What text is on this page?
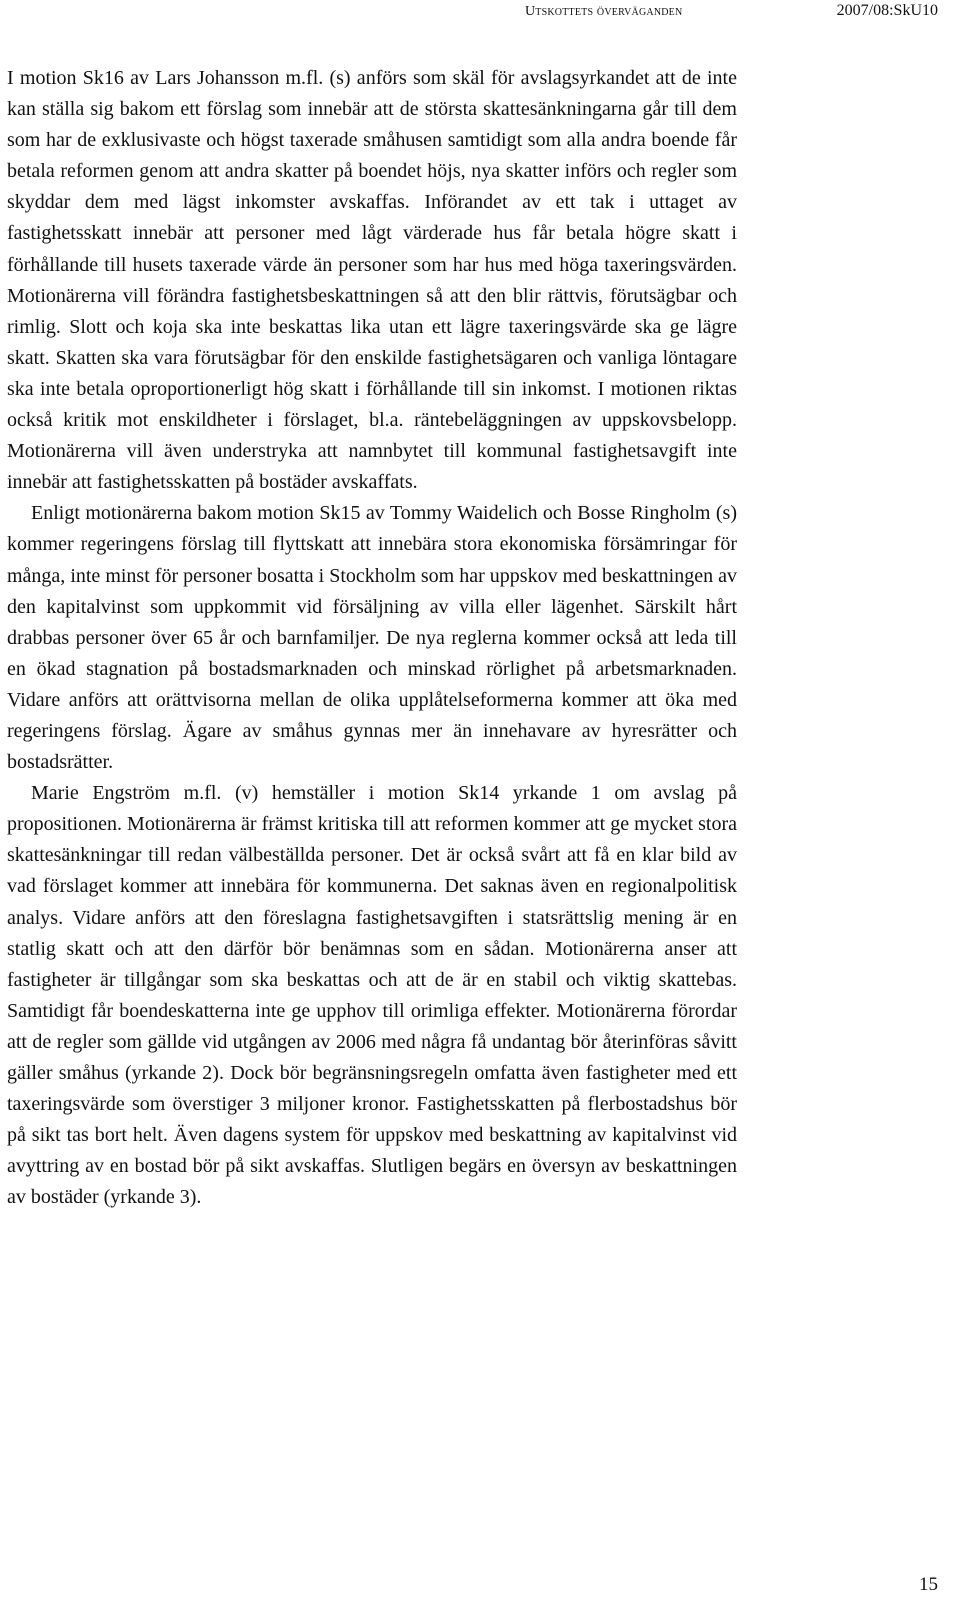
Utskottets överväganden	2007/08:SkU10

I motion Sk16 av Lars Johansson m.fl. (s) anförs som skäl för avslagsyrkandet att de inte kan ställa sig bakom ett förslag som innebär att de största skattesänkningarna går till dem som har de exklusivaste och högst taxerade småhusen samtidigt som alla andra boende får betala reformen genom att andra skatter på boendet höjs, nya skatter införs och regler som skyddar dem med lägst inkomster avskaffas. Införandet av ett tak i uttaget av fastighetsskatt innebär att personer med lågt värderade hus får betala högre skatt i förhållande till husets taxerade värde än personer som har hus med höga taxeringsvärden. Motionärerna vill förändra fastighetsbeskattningen så att den blir rättvis, förutsägbar och rimlig. Slott och koja ska inte beskattas lika utan ett lägre taxeringsvärde ska ge lägre skatt. Skatten ska vara förutsägbar för den enskilde fastighetsägaren och vanliga löntagare ska inte betala oproportionerligt hög skatt i förhållande till sin inkomst. I motionen riktas också kritik mot enskildheter i förslaget, bl.a. räntebeläggningen av uppskovsbelopp. Motionärerna vill även understryka att namnbytet till kommunal fastighetsavgift inte innebär att fastighetsskatten på bostäder avskaffats.

Enligt motionärerna bakom motion Sk15 av Tommy Waidelich och Bosse Ringholm (s) kommer regeringens förslag till flyttskatt att innebära stora ekonomiska försämringar för många, inte minst för personer bosatta i Stockholm som har uppskov med beskattningen av den kapitalvinst som uppkommit vid försäljning av villa eller lägenhet. Särskilt hårt drabbas personer över 65 år och barnfamiljer. De nya reglerna kommer också att leda till en ökad stagnation på bostadsmarknaden och minskad rörlighet på arbetsmarknaden. Vidare anförs att orättvisorna mellan de olika upplåtelseformerna kommer att öka med regeringens förslag. Ägare av småhus gynnas mer än innehavare av hyresrätter och bostadsrätter.

Marie Engström m.fl. (v) hemställer i motion Sk14 yrkande 1 om avslag på propositionen. Motionärerna är främst kritiska till att reformen kommer att ge mycket stora skattesänkningar till redan välbeställda personer. Det är också svårt att få en klar bild av vad förslaget kommer att innebära för kommunerna. Det saknas även en regionalpolitisk analys. Vidare anförs att den föreslagna fastighetsavgiften i statsrättslig mening är en statlig skatt och att den därför bör benämnas som en sådan. Motionärerna anser att fastigheter är tillgångar som ska beskattas och att de är en stabil och viktig skattebas. Samtidigt får boendeskatterna inte ge upphov till orimliga effekter. Motionärerna förordar att de regler som gällde vid utgången av 2006 med några få undantag bör återinföras såvitt gäller småhus (yrkande 2). Dock bör begränsningsregeln omfatta även fastigheter med ett taxeringsvärde som överstiger 3 miljoner kronor. Fastighetsskatten på flerbostadshus bör på sikt tas bort helt. Även dagens system för uppskov med beskattning av kapitalvinst vid avyttring av en bostad bör på sikt avskaffas. Slutligen begärs en översyn av beskattningen av bostäder (yrkande 3).

15
